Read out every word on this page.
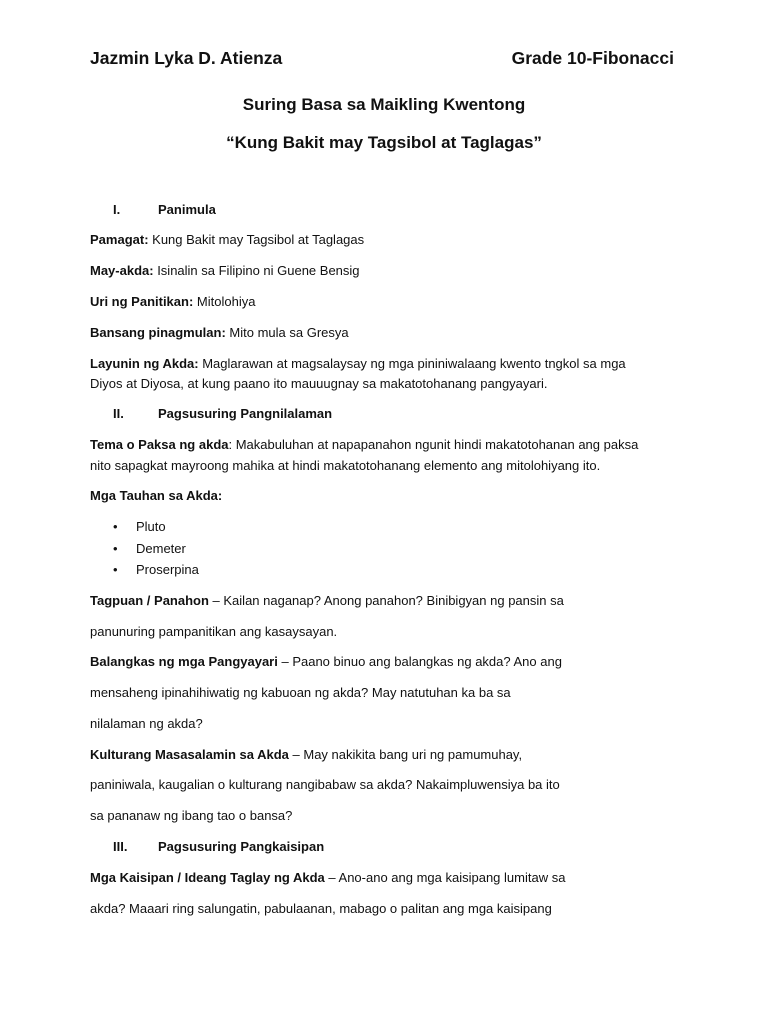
Jazmin Lyka D. Atienza	Grade 10-Fibonacci
Suring Basa sa Maikling Kwentong
“Kung Bakit may Tagsibol at Taglagas”
I.	Panimula
Pamagat: Kung Bakit may Tagsibol at Taglagas
May-akda: Isinalin sa Filipino ni Guene Bensig
Uri ng Panitikan: Mitolohiya
Bansang pinagmulan: Mito mula sa Gresya
Layunin ng Akda: Maglarawan at magsalaysay ng mga pininiwalaang kwento tngkol sa mga
Diyos at Diyosa, at kung paano ito mauuugnay sa makatotohanang pangyayari.
II.	Pagsusuring Pangnilalaman
Tema o Paksa ng akda: Makabuluhan at napapanahon ngunit hindi makatotohanan ang paksa
nito sapagkat mayroong mahika at hindi makatotohanang elemento ang mitolohiyang ito.
Mga Tauhan sa Akda:
• Pluto
• Demeter
• Proserpina
Tagpuan / Panahon – Kailan naganap? Anong panahon? Binibigyan ng pansin sa
panunuring pampanitikan ang kasaysayan.
Balangkas ng mga Pangyayari – Paano binuo ang balangkas ng akda? Ano ang
mensaheng ipinahihiwatig ng kabuoan ng akda? May natutuhan ka ba sa
nilalaman ng akda?
Kulturang Masasalamin sa Akda – May nakikita bang uri ng pamumuhay,
paniniwala, kaugalian o kulturang nangibabaw sa akda? Nakaimpluwensiya ba ito
sa pananaw ng ibang tao o bansa?
III. Pagsusuring Pangkaisipan
Mga Kaisipan / Ideang Taglay ng Akda – Ano-ano ang mga kaisipang lumitaw sa
akda? Maaari ring salungatin, pabulaanan, mabago o palitan ang mga kaisipang
